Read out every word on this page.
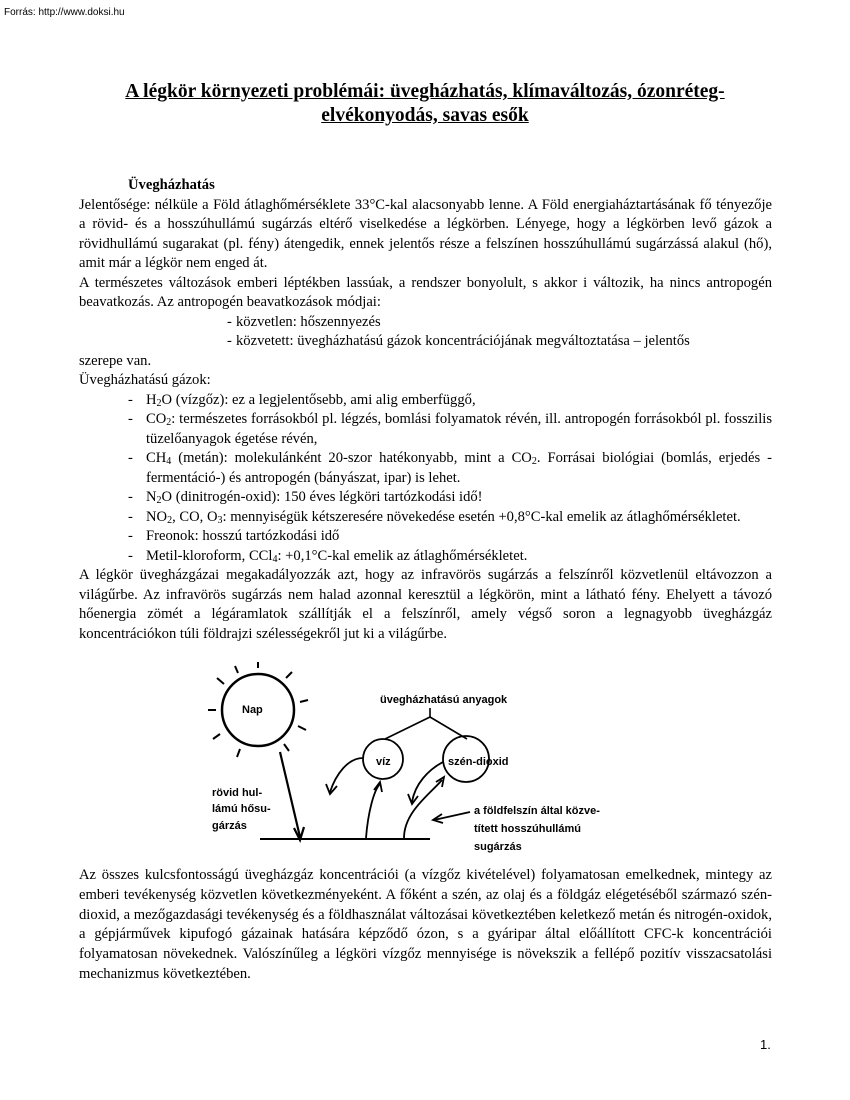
Forrás: http://www.doksi.hu
A légkör környezeti problémái: üvegházhatás, klímaváltozás, ózonréteg-elvékonyodás, savas esők

Üvegházhatás

Jelentősége: nélküle a Föld átlaghőmérséklete 33°C-kal alacsonyabb lenne. A Föld energiaháztartásának fő tényezője a rövid- és a hosszúhullámú sugárzás eltérő viselkedése a légkörben. Lényege, hogy a légkörben levő gázok a rövidhullámú sugarakat (pl. fény) átengedik, ennek jelentős része a felszínen hosszúhullámú sugárzássá alakul (hő), amit már a légkör nem enged át.

A természetes változások emberi léptékben lassúak, a rendszer bonyolult, s akkor i változik, ha nincs antropogén beavatkozás. Az antropogén beavatkozások módjai:

- közvetlen: hőszennyezés
- közvetett: üvegházhatású gázok koncentrációjának megváltoztatása – jelentős

szerepe van.

Üvegházhatású gázok:

- $H_2O$ (vízgőz): ez a legjelentősebb, ami alig emberfüggő,
- $CO_2$: természetes forrásokból pl. légzés, bomlási folyamatok révén, ill. antropogén forrásokból pl. fosszilis tüzelőanyagok égetése révén,
- $CH_4$ (metán): molekulánként 20-szor hatékonyabb, mint a $CO_2$. Forrásai biológiai (bomlás, erjedés -fermentáció-) és antropogén (bányászat, ipar) is lehet.
- $N_2O$ (dinitrogén-oxid): 150 éves légköri tartózkodási idő!
- $NO_2$, CO, $O_3$: mennyiségük kétszeresére növekedése esetén +0,8°C-kal emelik az átlaghőmérsékletet.
- Freonok: hosszú tartózkodási idő
- Metil-kloroform, CCl$_4$: +0,1°C-kal emelik az átlaghőmérsékletet.

A légkör üvegházgázai megakadályozzák azt, hogy az infravörös sugárzás a felszínről közvetlenül eltávozzon a világűrbe. Az infravörös sugárzás nem halad azonnal keresztül a légkörön, mint a látható fény. Ehelyett a távozó hőenergia zömét a légáramlatok szállítják el a felszínről, amely végső soron a legnagyobb üvegházgáz koncentrációkon túli földrajzi szélességekről jut ki a világűrbe.

Nap
üvegházhatású anyagok
víz	szén-dioxid
rövid hul-
lámú hősu-
gárzás
a földfelszín által közve-
tített hosszúhullámú
sugárzás
Az összes kulcsfontosságú üvegházgáz koncentrációi (a vízgőz kivételével) folyamatosan emelkednek, mintegy az emberi tevékenység közvetlen következményeként. A főként a szén, az olaj és a földgáz elégetéséből származó szén-dioxid, a mezőgazdasági tevékenység és a földhasználat változásai következtében keletkező metán és nitrogén-oxidok, a gépjárművek kipufogó gázainak hatására képződő ózon, s a gyáripar által előállított CFC-k koncentrációi folyamatosan növekednek. Valószínűleg a légköri vízgőz mennyisége is növekszik a fellépő pozitív visszacsatolási mechanizmus következtében.
1.
